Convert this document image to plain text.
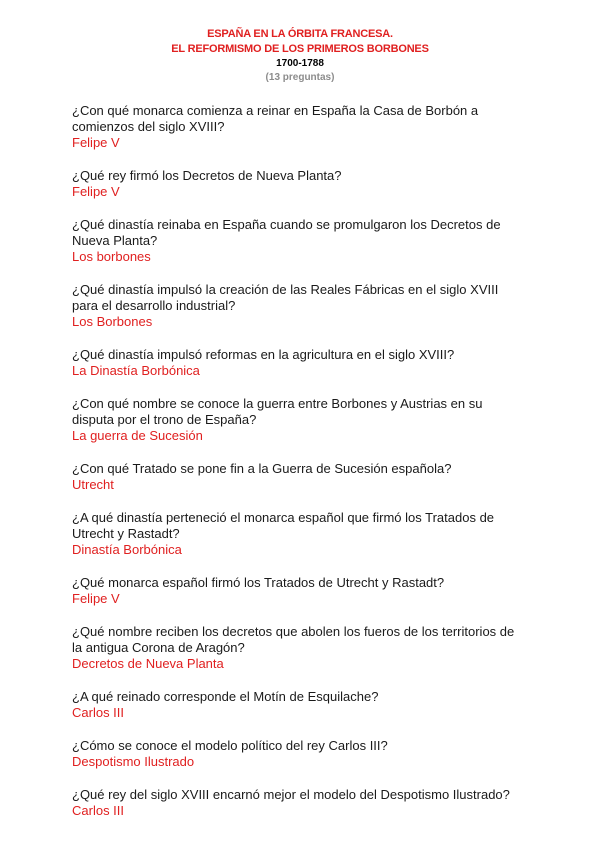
ESPAÑA EN LA ÓRBITA FRANCESA.
EL REFORMISMO DE LOS PRIMEROS BORBONES
1700-1788
(13 preguntas)
¿Con qué monarca comienza a reinar en España la Casa de Borbón a
comienzos del siglo XVIII?
Felipe V
¿Qué rey firmó los Decretos de Nueva Planta?
Felipe V
¿Qué dinastía reinaba en España cuando se promulgaron los Decretos de
Nueva Planta?
Los borbones
¿Qué dinastía impulsó la creación de las Reales Fábricas en el siglo XVIII
para el desarrollo industrial?
Los Borbones
¿Qué dinastía impulsó reformas en la agricultura en el siglo XVIII?
La Dinastía Borbónica
¿Con qué nombre se conoce la guerra entre Borbones y Austrias en su
disputa por el trono de España?
La guerra de Sucesión
¿Con qué Tratado se pone fin a la Guerra de Sucesión española?
Utrecht
¿A qué dinastía perteneció el monarca español que firmó los Tratados de
Utrecht y Rastadt?
Dinastía Borbónica
¿Qué monarca español firmó los Tratados de Utrecht y Rastadt?
Felipe V
¿Qué nombre reciben los decretos que abolen los fueros de los territorios de
la antigua Corona de Aragón?
Decretos de Nueva Planta
¿A qué reinado corresponde el Motín de Esquilache?
Carlos III
¿Cómo se conoce el modelo político del rey Carlos III?
Despotismo Ilustrado
¿Qué rey del siglo XVIII encarnó mejor el modelo del Despotismo Ilustrado?
Carlos III
